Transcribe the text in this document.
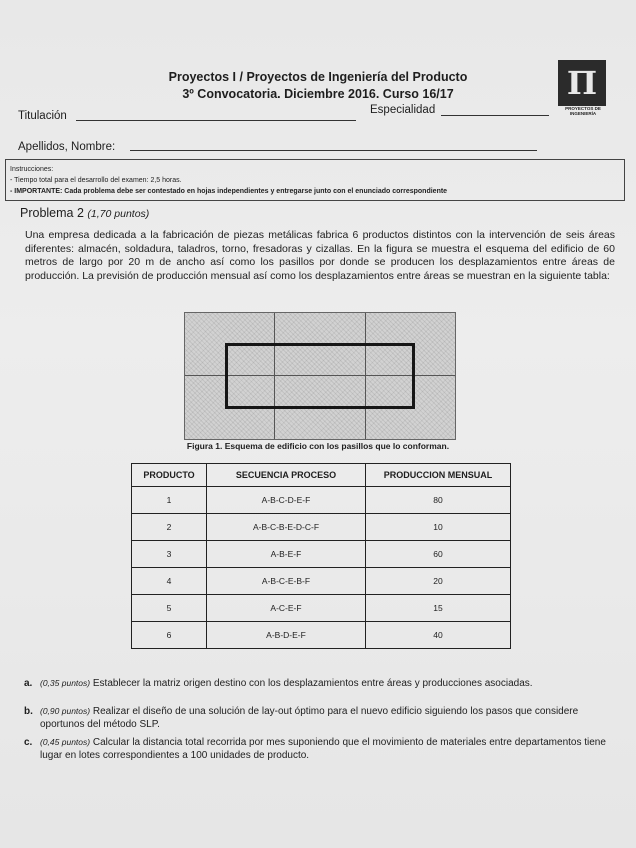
Proyectos I / Proyectos de Ingeniería del Producto
3º Convocatoria. Diciembre 2016. Curso 16/17	Π
PROYECTOS DE INGENIERÍA
Titulación	Especialidad
Apellidos, Nombre:
Instrucciones:
- Tiempo total para el desarrollo del examen: 2,5 horas.
- IMPORTANTE: Cada problema debe ser contestado en hojas independientes y entregarse junto con el enunciado correspondiente
Problema 2 (1,70 puntos)
Una empresa dedicada a la fabricación de piezas metálicas fabrica 6 productos distintos con la intervención de seis áreas diferentes: almacén, soldadura, taladros, torno, fresadoras y cizallas. En la figura se muestra el esquema del edificio de 60 metros de largo por 20 m de ancho así como los pasillos por donde se producen los desplazamientos entre áreas de producción. La previsión de producción mensual así como los desplazamientos entre áreas se muestran en la siguiente tabla:
Figura 1. Esquema de edificio con los pasillos que lo conforman.
PRODUCTO	SECUENCIA PROCESO	PRODUCCION MENSUAL
1	A-B-C-D-E-F	80
2	A-B-C-B-E-D-C-F	10
3	A-B-E-F	60
4	A-B-C-E-B-F	20
5	A-C-E-F	15
6	A-B-D-E-F	40
a. (0,35 puntos) Establecer la matriz origen destino con los desplazamientos entre áreas y producciones asociadas.
b. (0,90 puntos) Realizar el diseño de una solución de lay-out óptimo para el nuevo edificio siguiendo los pasos que considere oportunos del método SLP.
c. (0,45 puntos) Calcular la distancia total recorrida por mes suponiendo que el movimiento de materiales entre departamentos tiene lugar en lotes correspondientes a 100 unidades de producto.
